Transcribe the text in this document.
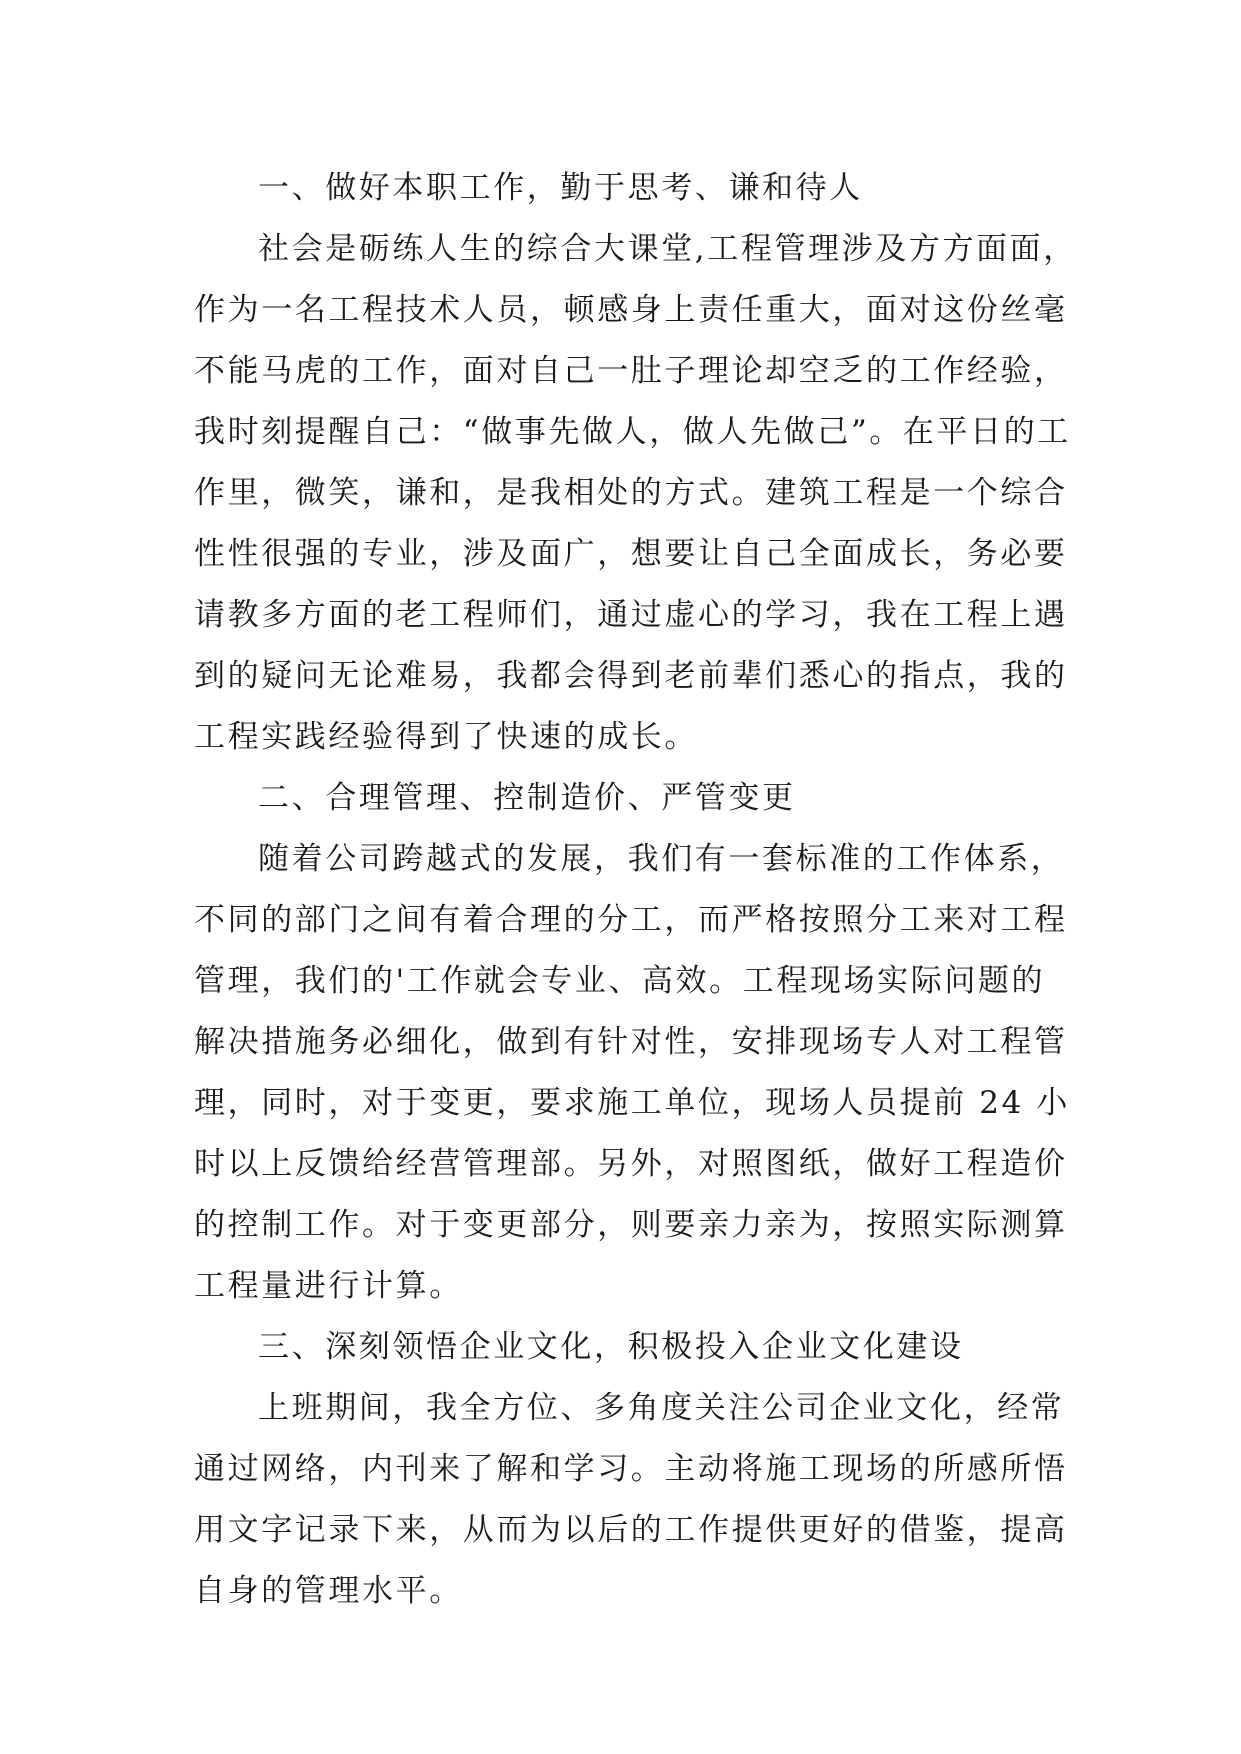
一、做好本职工作，勤于思考、谦和待人
社会是砺练人生的综合大课堂,工程管理涉及方方面面，
作为一名工程技术人员，顿感身上责任重大，面对这份丝毫
不能马虎的工作，面对自己一肚子理论却空乏的工作经验，
我时刻提醒自己：“做事先做人，做人先做己”。在平日的工
作里，微笑，谦和，是我相处的方式。建筑工程是一个综合
性性很强的专业，涉及面广，想要让自己全面成长，务必要
请教多方面的老工程师们，通过虚心的学习，我在工程上遇
到的疑问无论难易，我都会得到老前辈们悉心的指点，我的
工程实践经验得到了快速的成长。
二、合理管理、控制造价、严管变更
随着公司跨越式的发展，我们有一套标准的工作体系，
不同的部门之间有着合理的分工，而严格按照分工来对工程
管理，我们的'工作就会专业、高效。工程现场实际问题的
解决措施务必细化，做到有针对性，安排现场专人对工程管
理，同时，对于变更，要求施工单位，现场人员提前 24 小
时以上反馈给经营管理部。另外，对照图纸，做好工程造价
的控制工作。对于变更部分，则要亲力亲为，按照实际测算
工程量进行计算。
三、深刻领悟企业文化，积极投入企业文化建设
上班期间，我全方位、多角度关注公司企业文化，经常
通过网络，内刊来了解和学习。主动将施工现场的所感所悟
用文字记录下来，从而为以后的工作提供更好的借鉴，提高
自身的管理水平。
